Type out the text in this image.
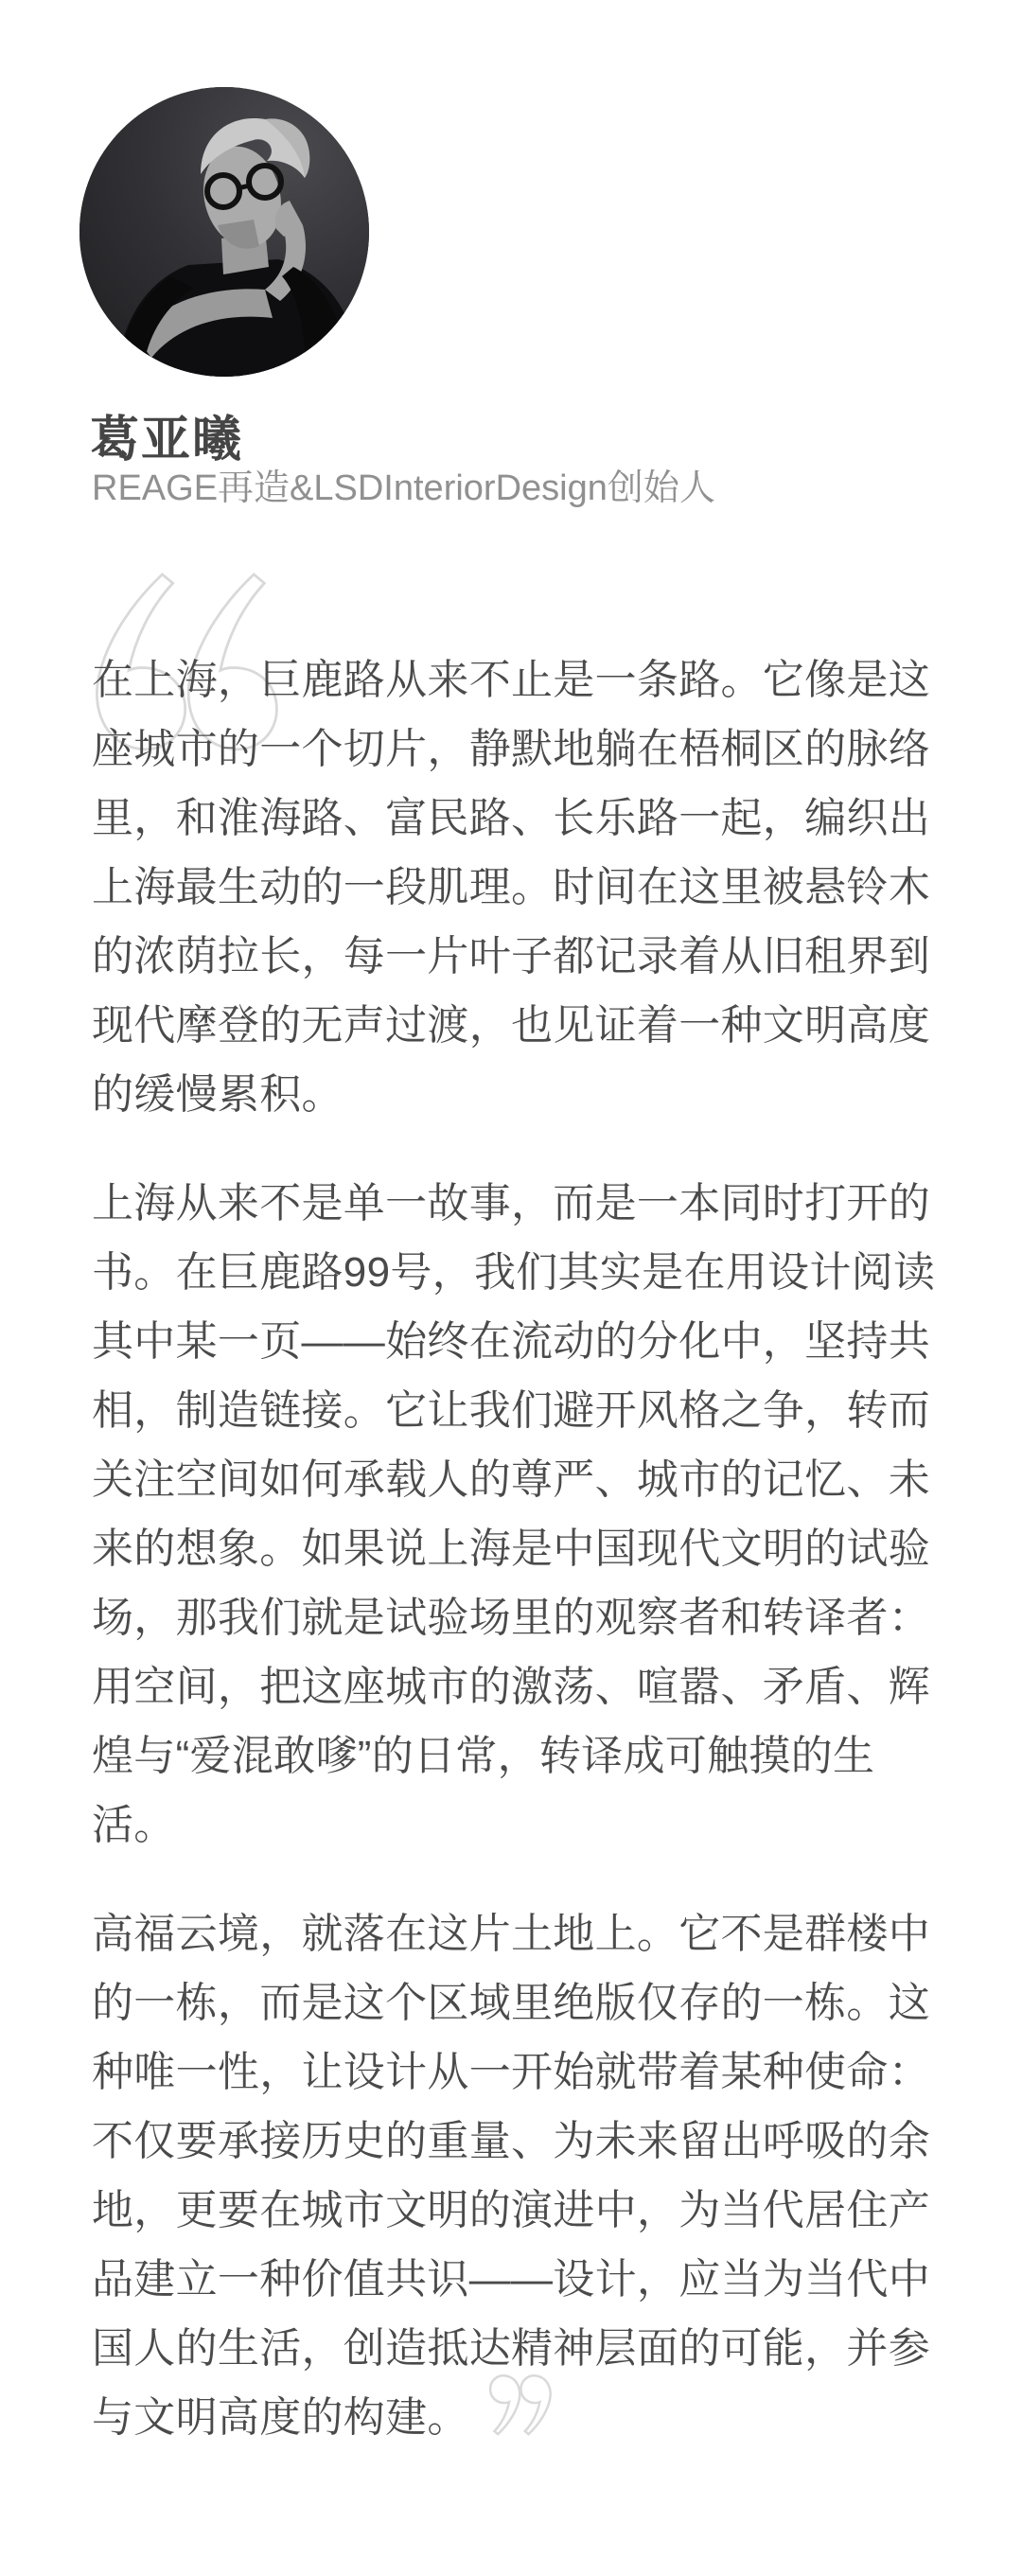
葛亚曦
REAGE再造&LSDInteriorDesign创始人
在上海，巨鹿路从来不止是一条路。它像是这
座城市的一个切片，静默地躺在梧桐区的脉络
里，和淮海路、富民路、长乐路一起，编织出
上海最生动的一段肌理。时间在这里被悬铃木
的浓荫拉长，每一片叶子都记录着从旧租界到
现代摩登的无声过渡，也见证着一种文明高度
的缓慢累积。
上海从来不是单一故事，而是一本同时打开的
书。在巨鹿路99号，我们其实是在用设计阅读
其中某一页——始终在流动的分化中，坚持共
相，制造链接。它让我们避开风格之争，转而
关注空间如何承载人的尊严、城市的记忆、未
来的想象。如果说上海是中国现代文明的试验
场，那我们就是试验场里的观察者和转译者：
用空间，把这座城市的激荡、喧嚣、矛盾、辉
煌与“爱混敢嗲”的日常，转译成可触摸的生
活。
高福云境，就落在这片土地上。它不是群楼中
的一栋，而是这个区域里绝版仅存的一栋。这
种唯一性，让设计从一开始就带着某种使命：
不仅要承接历史的重量、为未来留出呼吸的余
地，更要在城市文明的演进中，为当代居住产
品建立一种价值共识——设计，应当为当代中
国人的生活，创造抵达精神层面的可能，并参
与文明高度的构建。
